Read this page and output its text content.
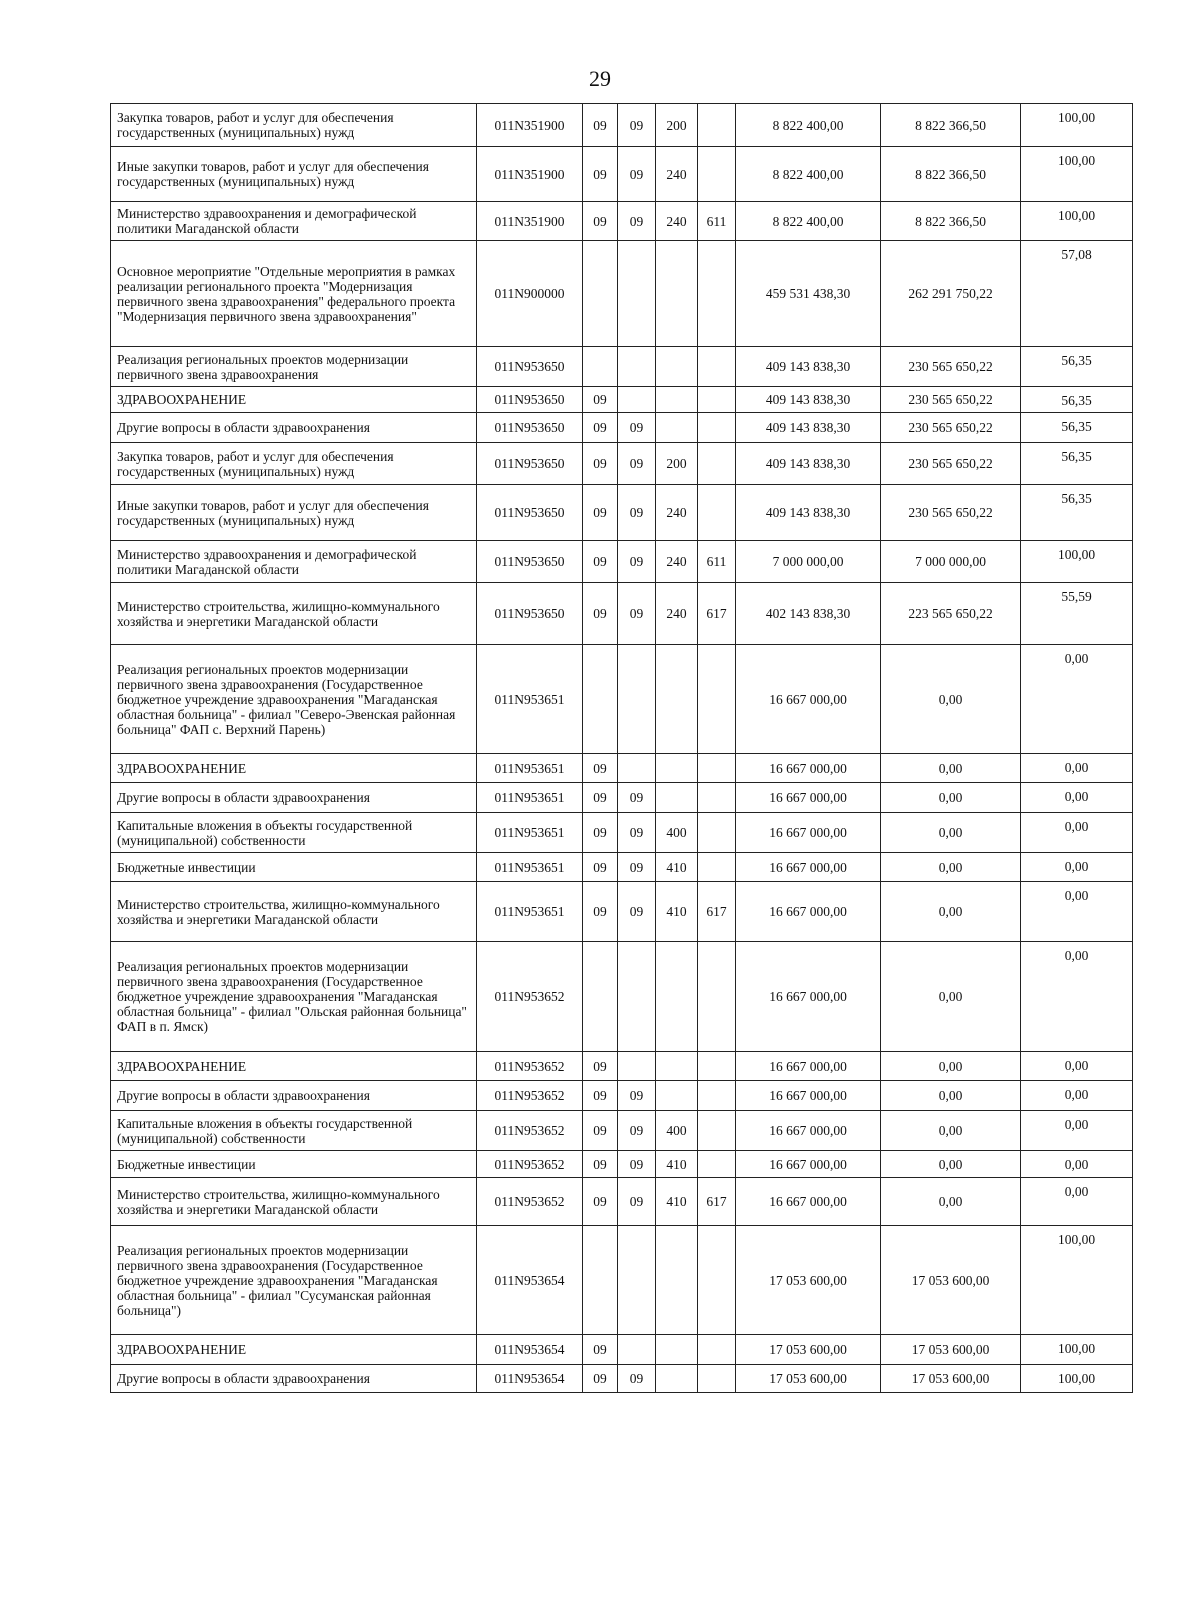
29
Закупка товаров, работ и услуг для обеспечения государственных (муниципальных) нужд	011N351900	09	09	200		8 822 400,00	8 822 366,50	100,00
Иные закупки товаров, работ и услуг для обеспечения государственных (муниципальных) нужд	011N351900	09	09	240		8 822 400,00	8 822 366,50	100,00
Министерство здравоохранения и демографической политики Магаданской области	011N351900	09	09	240	611	8 822 400,00	8 822 366,50	100,00
Основное мероприятие "Отдельные мероприятия в рамках реализации регионального проекта "Модернизация первичного звена здравоохранения" федерального проекта "Модернизация первичного звена здравоохранения"	011N900000					459 531 438,30	262 291 750,22	57,08
Реализация региональных проектов модернизации первичного звена здравоохранения	011N953650					409 143 838,30	230 565 650,22	56,35
ЗДРАВООХРАНЕНИЕ	011N953650	09				409 143 838,30	230 565 650,22	56,35
Другие вопросы в области здравоохранения	011N953650	09	09			409 143 838,30	230 565 650,22	56,35
Закупка товаров, работ и услуг для обеспечения государственных (муниципальных) нужд	011N953650	09	09	200		409 143 838,30	230 565 650,22	56,35
Иные закупки товаров, работ и услуг для обеспечения государственных (муниципальных) нужд	011N953650	09	09	240		409 143 838,30	230 565 650,22	56,35
Министерство здравоохранения и демографической политики Магаданской области	011N953650	09	09	240	611	7 000 000,00	7 000 000,00	100,00
Министерство строительства, жилищно-коммунального хозяйства и энергетики Магаданской области	011N953650	09	09	240	617	402 143 838,30	223 565 650,22	55,59
Реализация региональных проектов модернизации первичного звена здравоохранения (Государственное бюджетное учреждение здравоохранения "Магаданская областная больница" - филиал "Северо-Эвенская районная больница" ФАП с. Верхний Парень)	011N953651					16 667 000,00	0,00	0,00
ЗДРАВООХРАНЕНИЕ	011N953651	09				16 667 000,00	0,00	0,00
Другие вопросы в области здравоохранения	011N953651	09	09			16 667 000,00	0,00	0,00
Капитальные вложения в объекты государственной (муниципальной) собственности	011N953651	09	09	400		16 667 000,00	0,00	0,00
Бюджетные инвестиции	011N953651	09	09	410		16 667 000,00	0,00	0,00
Министерство строительства, жилищно-коммунального хозяйства и энергетики Магаданской области	011N953651	09	09	410	617	16 667 000,00	0,00	0,00
Реализация региональных проектов модернизации первичного звена здравоохранения (Государственное бюджетное учреждение здравоохранения "Магаданская областная больница" - филиал "Ольская районная больница" ФАП в п. Ямск)	011N953652					16 667 000,00	0,00	0,00
ЗДРАВООХРАНЕНИЕ	011N953652	09				16 667 000,00	0,00	0,00
Другие вопросы в области здравоохранения	011N953652	09	09			16 667 000,00	0,00	0,00
Капитальные вложения в объекты государственной (муниципальной) собственности	011N953652	09	09	400		16 667 000,00	0,00	0,00
Бюджетные инвестиции	011N953652	09	09	410		16 667 000,00	0,00	0,00
Министерство строительства, жилищно-коммунального хозяйства и энергетики Магаданской области	011N953652	09	09	410	617	16 667 000,00	0,00	0,00
Реализация региональных проектов модернизации первичного звена здравоохранения (Государственное бюджетное учреждение здравоохранения "Магаданская областная больница" - филиал "Сусуманская районная больница")	011N953654					17 053 600,00	17 053 600,00	100,00
ЗДРАВООХРАНЕНИЕ	011N953654	09				17 053 600,00	17 053 600,00	100,00
Другие вопросы в области здравоохранения	011N953654	09	09			17 053 600,00	17 053 600,00	100,00
